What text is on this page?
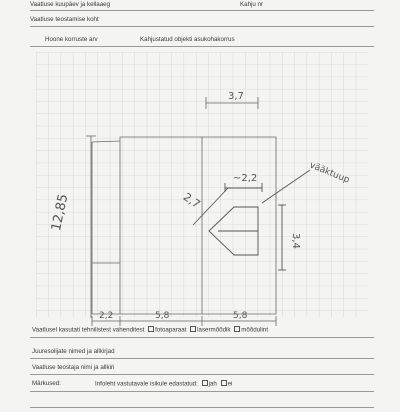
Vaatluse kuupäev ja kellaaeg	Kahju nr
Vaatluse teostamise koht
Hoone korruste arv	Kahjustatud objekti asukohakorrus
3,7
12,85
~2,2
2,7
3,4
vääktuup
2,2	5,8	5,8
Vaatlusel kasutati tehnilistest vahenditest fotoaparaat lasermõõdik mõõdulint
Juuresolijate nimed ja allkirjad
Vaatluse teostaja nimi ja allkiri
Märkused:	Infoleht vastutavale isikule edastatud: jah ei
